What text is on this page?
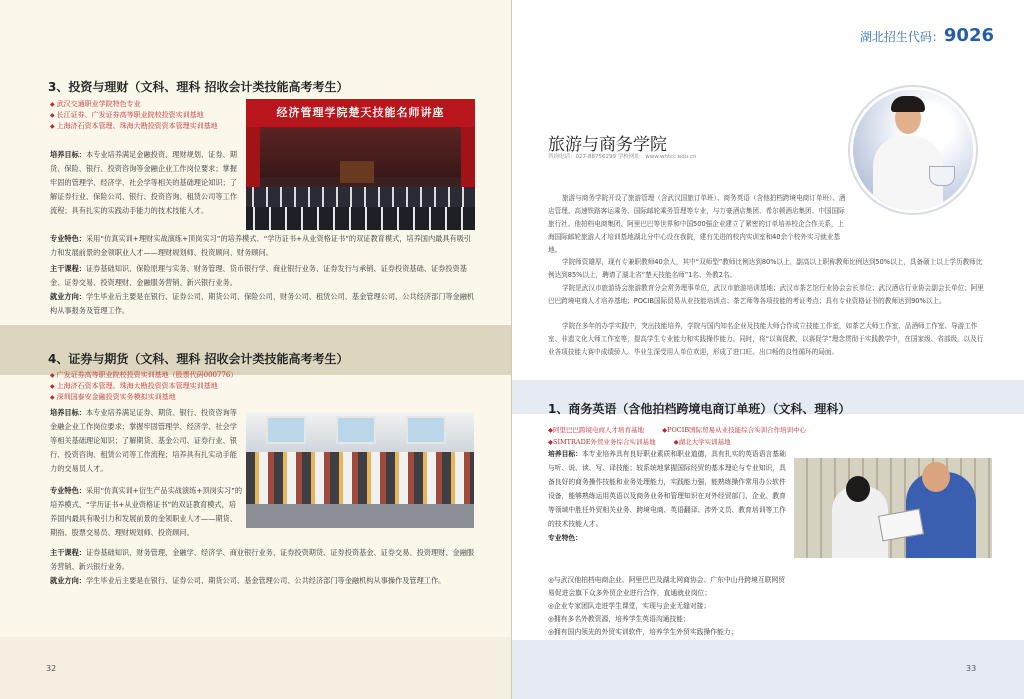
3、投资与理财（文科、理科 招收会计类技能高考考生）
◆ 武汉交通职业学院特色专业
◆ 长江证券、广发证券高等职业院校投资实训基地
◆ 上海济石资本管理、珠海大勘投资资本管理实训基地
经济管理学院楚天技能名师讲座
培养目标：本专业培养满足金融投资、理财规划、证券、期货、保险、银行、投资咨询等金融企业工作岗位要求；掌握牢固的管理学、经济学、社会学等相关的基础理论知识；了解证券行业、保险公司、银行、投资咨询、租赁公司等工作流程；具有扎实的实践动手能力的技术技能人才。
专业特色：采用“仿真实训+理财实战演练+顶岗实习”的培养模式、“学历证书+从业资格证书”的双证教育模式，培养国内最具有吸引力和发展前景的金领职业人才——理财规划师、投资顾问、财务顾问。
主干课程：证券基础知识、保险原理与实务、财务管理、货币银行学、商业银行业务、证券发行与承销、证券投资基础、证券投资基金、证券交易、投资理财、金融服务营销、新兴银行业务。
就业方向：学生毕业后主要是在银行、证券公司、期货公司、保险公司、财务公司、租赁公司、基金管理公司、公共经济部门等金融机构从事报务及管理工作。
4、证券与期货（文科、理科 招收会计类技能高考考生）
◆ 广发证券高等职业院校投资实训基地（股票代码000776）
◆ 上海济石资本管理、珠海大勘投资资本管理实训基地
◆ 深圳国泰安金融投资实务模拟实训基地
培养目标：本专业培养满足证券、期货、银行、投资咨询等金融企业工作岗位要求；掌握牢固管理学、经济学、社会学等相关基础理论知识；了解期货、基金公司、证券行业、银行、投资咨询、租赁公司等工作流程；培养具有扎实动手能力的交易员人才。
专业特色：采用“仿真实训+衍生产品实战演练+顶岗实习”的培养模式、“学历证书+从业资格证书”的双证教育模式，培养国内最具有吸引力和发展前景的金领职业人才——期货、期指、股票交易员、理财规划师、投资顾问。
主干课程：证券基础知识、财务管理、金融学、经济学、商业银行业务、证券投资期货、证券投资基金、证券交易、投资理财、金融服务营销、新兴银行业务。
就业方向：学生毕业后主要是在银行、证券公司、期货公司、基金管理公司、公共经济部门等金融机构从事操作及管理工作。
32
湖北招生代码：9026
旅游与商务学院
咨询电话：027-88756299 学校网址：www.whtcc.edu.cn
旅游与商务学院开设了旅游管理（含武汉国旅订单班）、商务英语（含他拍档跨境电商订单班）、酒店管理、高速铁路客运乘务、国际邮轮乘务管理等专业，与万豪酒店集团、希尔顿酒店集团、中国国际旅行社、他拍档电商集团、阿里巴巴等世界和中国500强企业建立了紧密的订单培养校企合作关系，上海国际邮轮旅游人才培训基地湖北分中心设在我院，建有先进的校内实训室和40余个校外实习就业基地。
学院师资雄厚，现有专兼职教师40余人，其中“双师型”教师比例达到80%以上，副高以上职称教师比例达到50%以上，具备硕士以上学历教师比例达到85%以上，聘请了湖北省“楚天技能名师”1名、外教2名。
学院是武汉市旅游协会旅游教育分会常务理事单位，武汉市旅游培训基地；武汉市茶艺馆行业协会会长单位；武汉酒店行业协会副会长单位；阿里巴巴跨境电商人才培养基地；POCIB国际贸易从业技能培训点；茶艺师等各项技能的考证考点；具有专业资格证书的教师达到90%以上。
学院在多年的办学实践中，突出技能培养，学院与国内知名企业及技能大师合作成立技能工作室，如茶艺大师工作室、品酒师工作室、导游工作室、非遗文化大师工作室等，提高学生专业能力和实践操作能力。同时，将“以赛促教，以赛促学”理念贯彻于实践教学中，在国家级、省部级，以及行业各项技能大赛中成绩骄人。毕业生深受用人单位欢迎，形成了进口旺、出口畅的良性循环的局面。
1、商务英语（含他拍档跨境电商订单班）（文科、理科）
◆阿里巴巴跨境电商人才培育基地	◆POCIB国际贸易从业技能综合实训合作培训中心
◆SIMTRADE外贸业务综合实训基地	◆湖北大学实训基地
培养目标：本专业培养具有良好职业素质和职业道德，具有扎实的英语语言基础与听、说、读、写、译技能；较系统地掌握国际经贸的基本理论与专业知识，具备良好的商务操作技能和业务处理能力，实践能力强，能熟练操作常用办公软件设备，能够熟练运用英语以及商务业务和管理知识在对外经贸部门、企业、教育等领域中胜任外贸相关业务、跨境电商、英语翻译、涉外文员、教育培训等工作的技术技能人才。
专业特色：
◎与武汉他拍档电商企业、阿里巴巴及湖北网商协会、广东中山丹跨境互联网贸易促进会旗下众多外贸企业进行合作，直通就业岗位；
◎企业专家团队走进学生课堂，实现与企业无缝对接；
◎拥有多名外教资源，培养学生英语沟通技能；
◎拥有国内领先的外贸实训软件，培养学生外贸实践操作能力；
33
